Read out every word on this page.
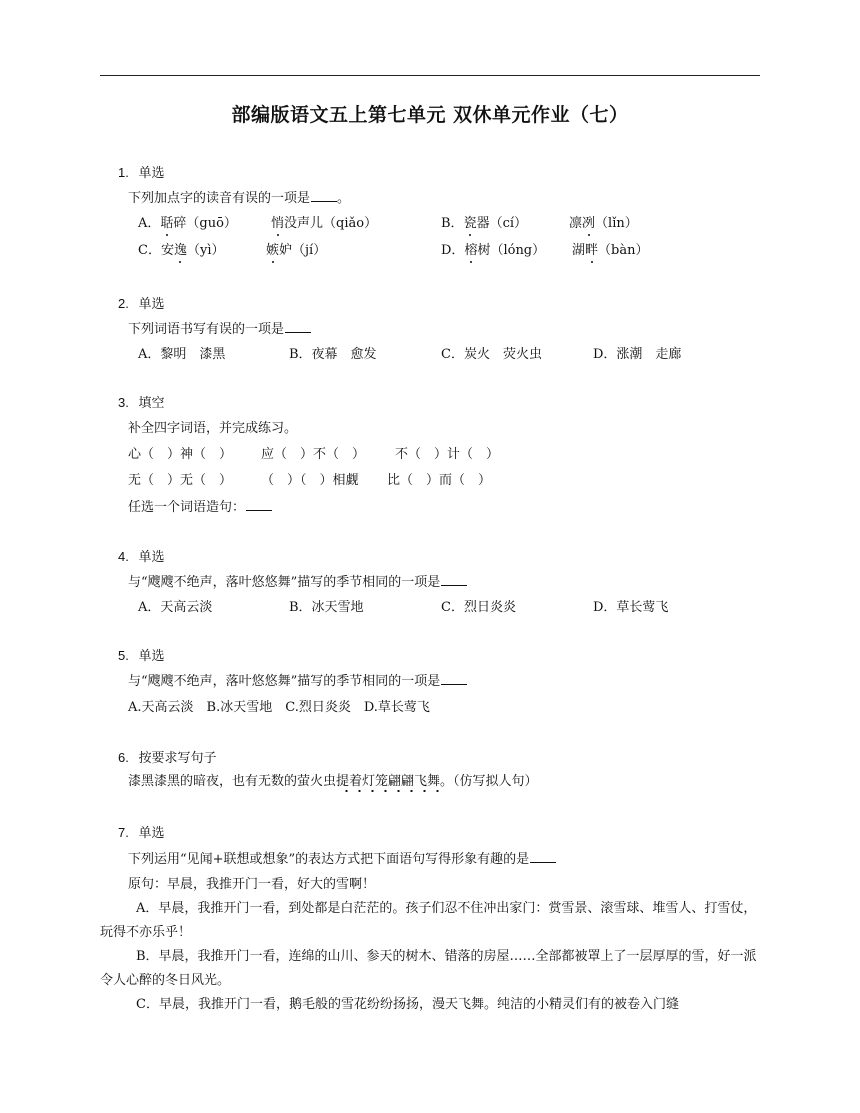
部编版语文五上第七单元 双休单元作业（七）
1. 单选
下列加点字的读音有误的一项是 。
A．聒碎（guō）	悄没声儿（qiǎo）	B．瓷器（cí）	凛冽（lǐn）
C．安逸（yì）	嫉妒（jí）	D．榕树（lóng） 湖畔（bàn）
2. 单选
下列词语书写有误的一项是
A．黎明　漆黑	B．夜幕　愈发	C．炭火　荧火虫	D．涨潮　走廊
3. 填空
补全四字词语，并完成练习。
心（　）神（　） 应（　）不（　） 不（　）计（　）
无（　）无（　） （　）（　）相觑 比（　）而（　）
任选一个词语造句：
4. 单选
与“飕飕不绝声，落叶悠悠舞”描写的季节相同的一项是
A．天高云淡	B．冰天雪地	C．烈日炎炎	D．草长莺飞
5. 单选
与“飕飕不绝声，落叶悠悠舞”描写的季节相同的一项是
A.天高云淡　B.冰天雪地　C.烈日炎炎　D.草长莺飞
6. 按要求写句子
漆黑漆黑的暗夜，也有无数的萤火虫提着灯笼翩翩飞舞。（仿写拟人句）
7. 单选
下列运用“见闻+联想或想象”的表达方式把下面语句写得形象有趣的是
原句：早晨，我推开门一看，好大的雪啊！
A．早晨，我推开门一看，到处都是白茫茫的。孩子们忍不住冲出家门：赏雪景、滚雪球、堆雪人、打雪仗，玩得不亦乐乎！
B．早晨，我推开门一看，连绵的山川、参天的树木、错落的房屋……全部都被罩上了一层厚厚的雪，好一派令人心醉的冬日风光。
C．早晨，我推开门一看，鹅毛般的雪花纷纷扬扬，漫天飞舞。纯洁的小精灵们有的被卷入门缝
